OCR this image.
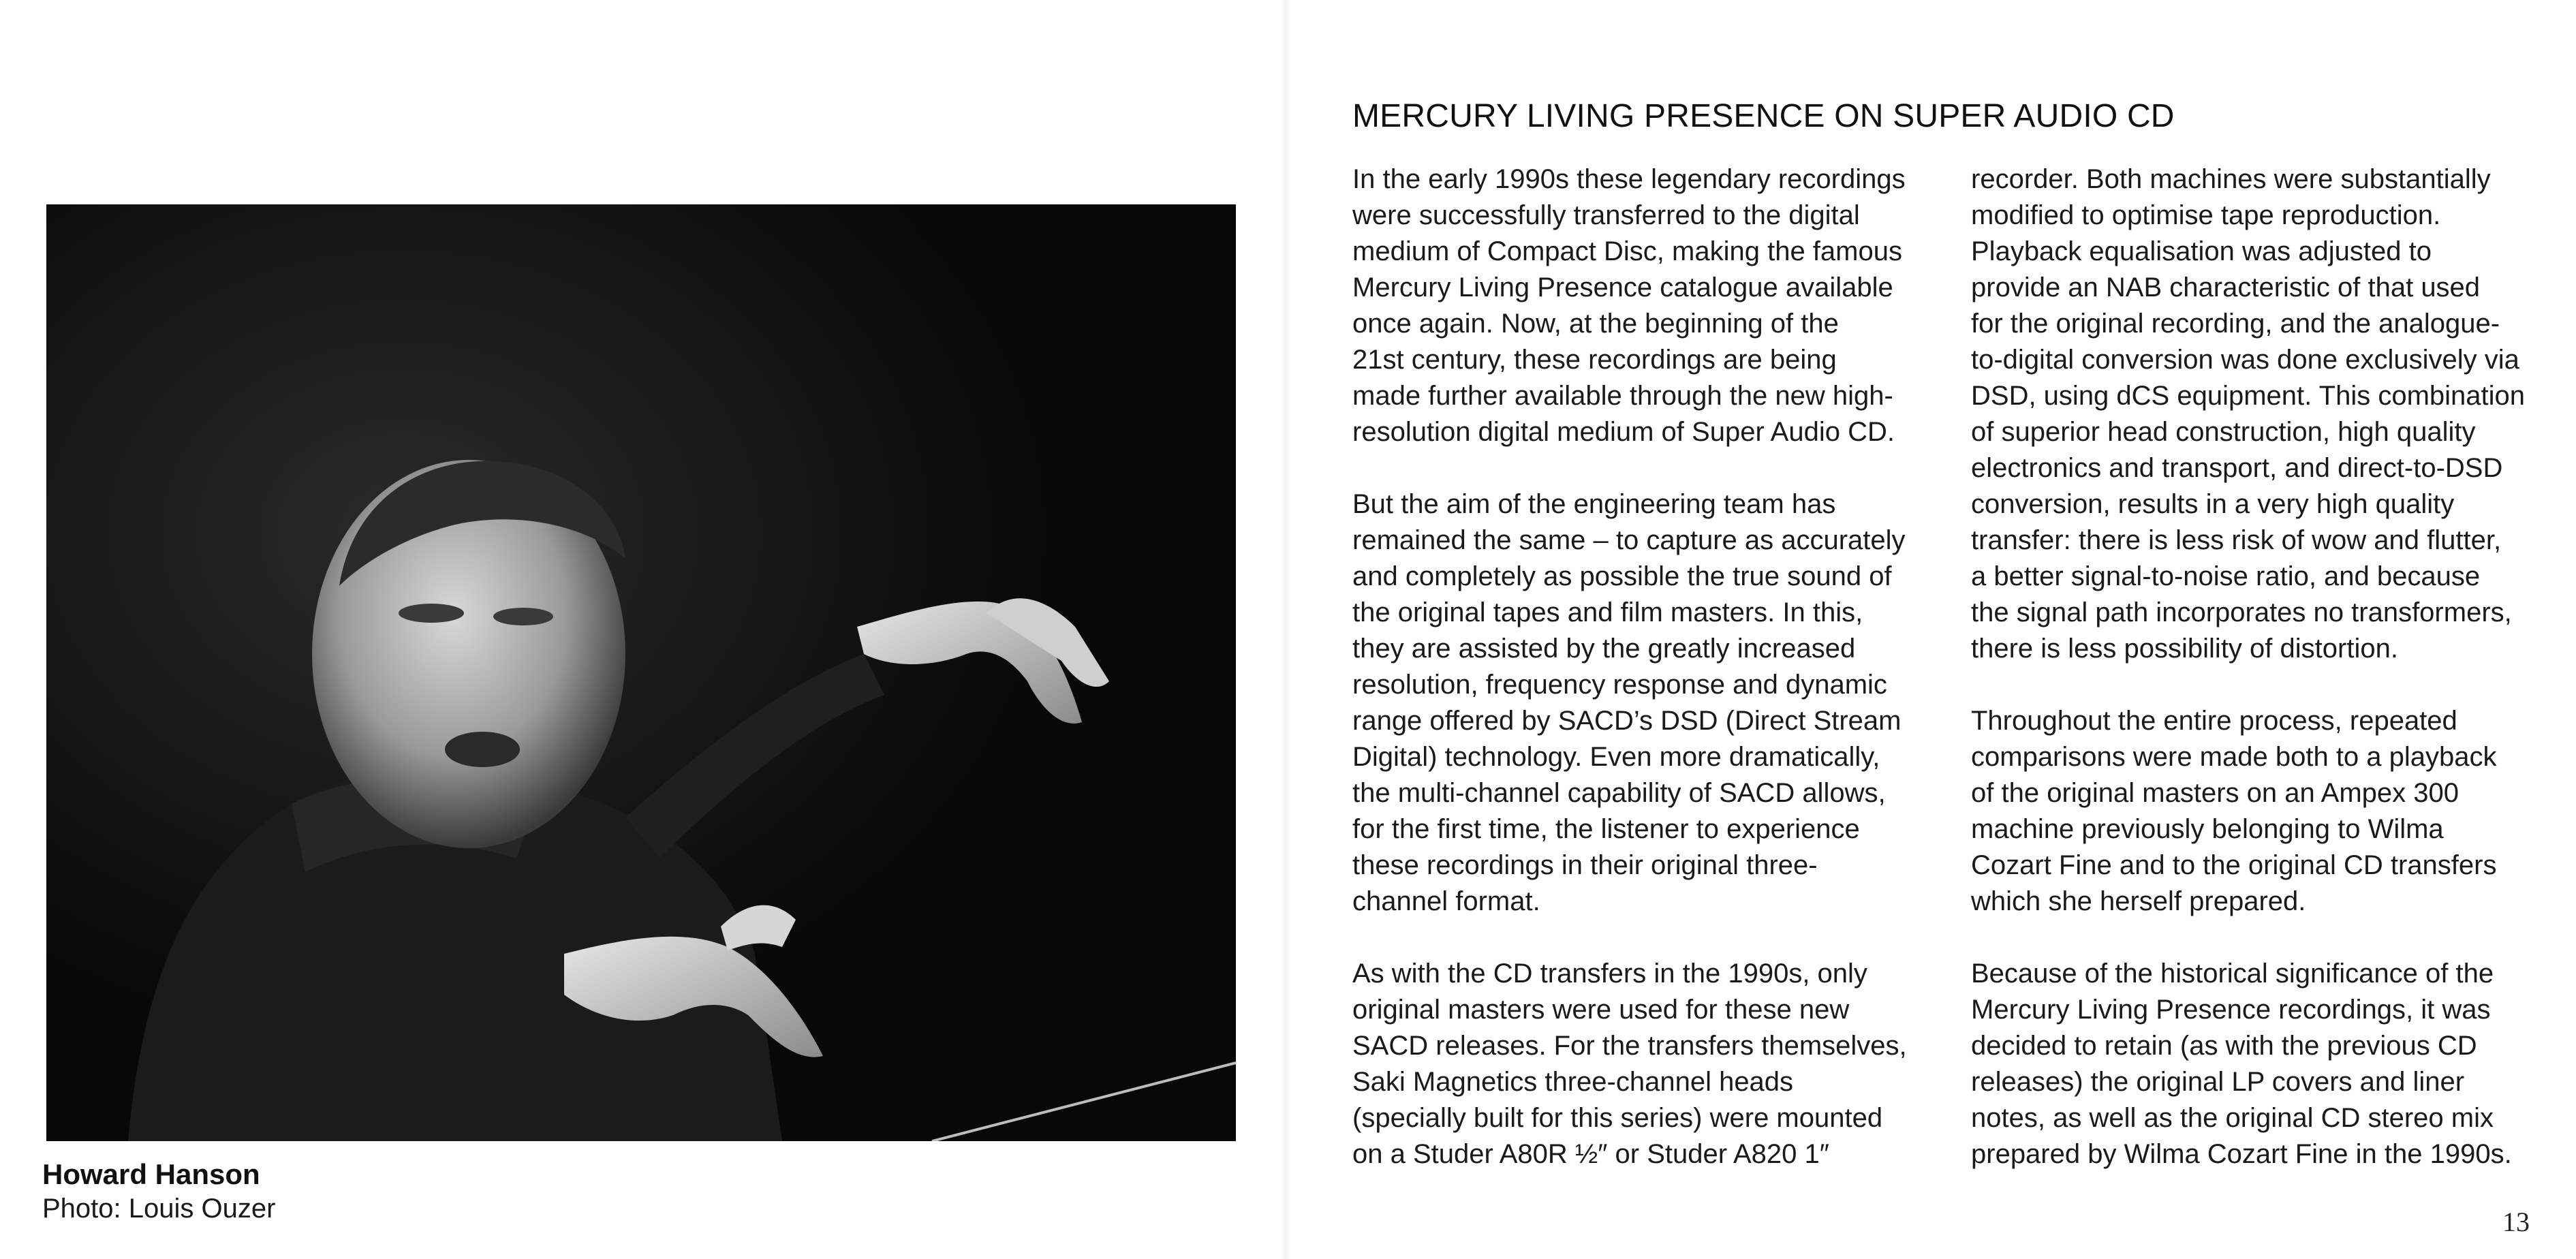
Howard Hanson
Photo: Louis Ouzer
MERCURY LIVING PRESENCE ON SUPER AUDIO CD

In the early 1990s these legendary recordings
were successfully transferred to the digital
medium of Compact Disc, making the famous
Mercury Living Presence catalogue available
once again. Now, at the beginning of the
21st century, these recordings are being
made further available through the new high-
resolution digital medium of Super Audio CD.

But the aim of the engineering team has
remained the same – to capture as accurately
and completely as possible the true sound of
the original tapes and film masters. In this,
they are assisted by the greatly increased
resolution, frequency response and dynamic
range offered by SACD’s DSD (Direct Stream
Digital) technology. Even more dramatically,
the multi-channel capability of SACD allows,
for the first time, the listener to experience
these recordings in their original three-
channel format.

As with the CD transfers in the 1990s, only
original masters were used for these new
SACD releases. For the transfers themselves,
Saki Magnetics three-channel heads
(specially built for this series) were mounted
on a Studer A80R ½″ or Studer A820 1″

recorder. Both machines were substantially
modified to optimise tape reproduction.
Playback equalisation was adjusted to
provide an NAB characteristic of that used
for the original recording, and the analogue-
to-digital conversion was done exclusively via
DSD, using dCS equipment. This combination
of superior head construction, high quality
electronics and transport, and direct-to-DSD
conversion, results in a very high quality
transfer: there is less risk of wow and flutter,
a better signal-to-noise ratio, and because
the signal path incorporates no transformers,
there is less possibility of distortion.

Throughout the entire process, repeated
comparisons were made both to a playback
of the original masters on an Ampex 300
machine previously belonging to Wilma
Cozart Fine and to the original CD transfers
which she herself prepared.

Because of the historical significance of the
Mercury Living Presence recordings, it was
decided to retain (as with the previous CD
releases) the original LP covers and liner
notes, as well as the original CD stereo mix
prepared by Wilma Cozart Fine in the 1990s.

13
